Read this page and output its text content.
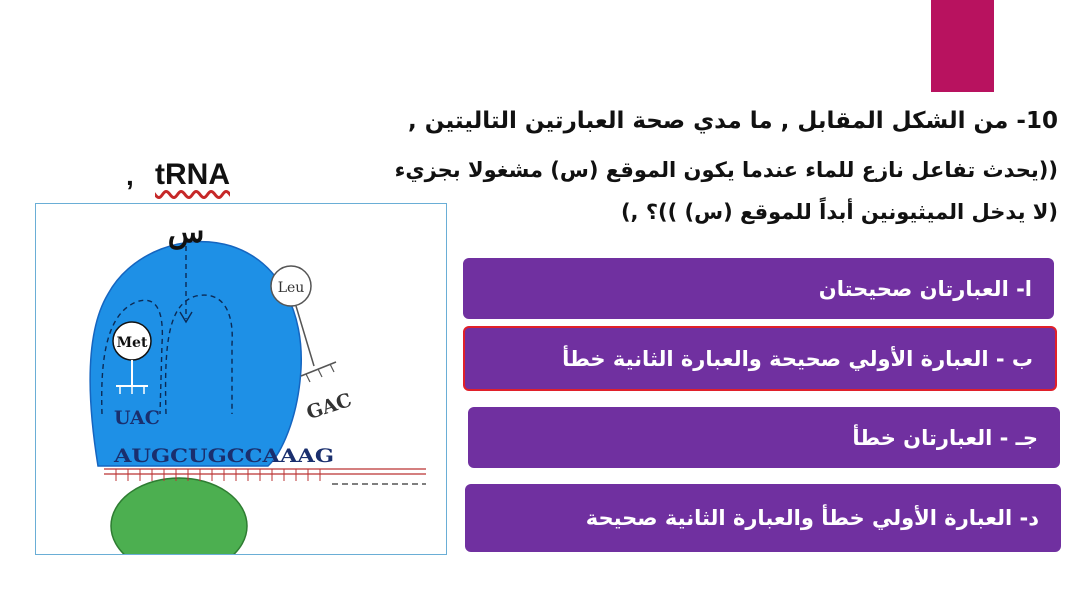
10- من الشكل المقابل , ما مدي صحة العبارتين التاليتين ,
((يحدث تفاعل نازع للماء عندما يكون الموقع (س) مشغولا بجزيء
tRNA
,
(لا يدخل الميثيونين أبداً للموقع (س) ))؟ ,)
س
Met
UAC
Leu
GAC
AUGCUGCCAAAG
ا- العبارتان صحيحتان
ب - العبارة الأولي صحيحة والعبارة الثانية خطأ
جـ - العبارتان خطأ
د- العبارة الأولي خطأ والعبارة الثانية صحيحة
